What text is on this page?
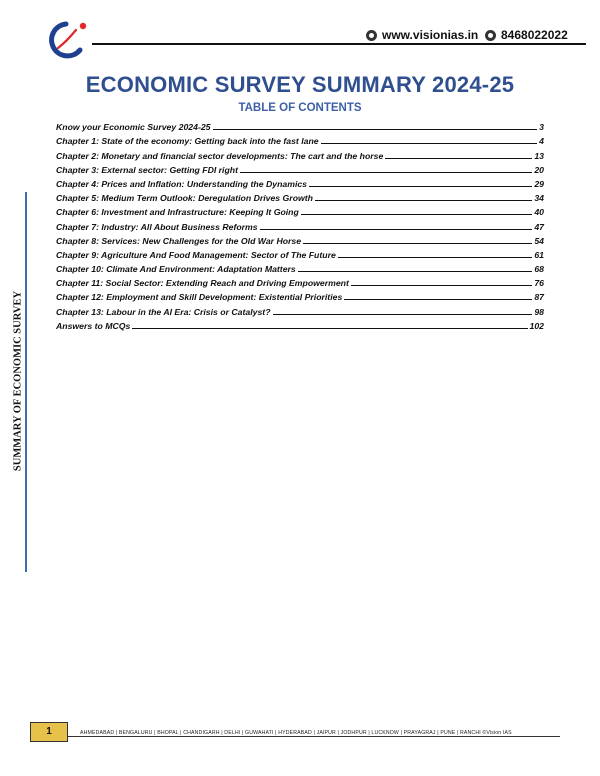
www.visionias.in 8468022022
ECONOMIC SURVEY SUMMARY 2024-25
TABLE OF CONTENTS
Know your Economic Survey 2024-25	3
Chapter 1: State of the economy: Getting back into the fast lane	4
Chapter 2: Monetary and financial sector developments: The cart and the horse	13
Chapter 3: External sector: Getting FDI right	20
Chapter 4: Prices and Inflation: Understanding the Dynamics	29
Chapter 5: Medium Term Outlook: Deregulation Drives Growth	34
Chapter 6: Investment and Infrastructure: Keeping It Going	40
Chapter 7: Industry: All About Business Reforms	47
Chapter 8: Services: New Challenges for the Old War Horse	54
Chapter 9: Agriculture And Food Management: Sector of The Future	61
Chapter 10: Climate And Environment: Adaptation Matters	68
Chapter 11: Social Sector: Extending Reach and Driving Empowerment	76
Chapter 12: Employment and Skill Development: Existential Priorities	87
Chapter 13: Labour in the AI Era: Crisis or Catalyst?	98
Answers to MCQs	102
SUMMARY OF ECONOMIC SURVEY
1	AHMEDABAD | BENGALURU | BHOPAL | CHANDIGARH | DELHI | GUWAHATI | HYDERABAD | JAIPUR | JODHPUR | LUCKNOW | PRAYAGRAJ | PUNE | RANCHI ©Vision IAS
